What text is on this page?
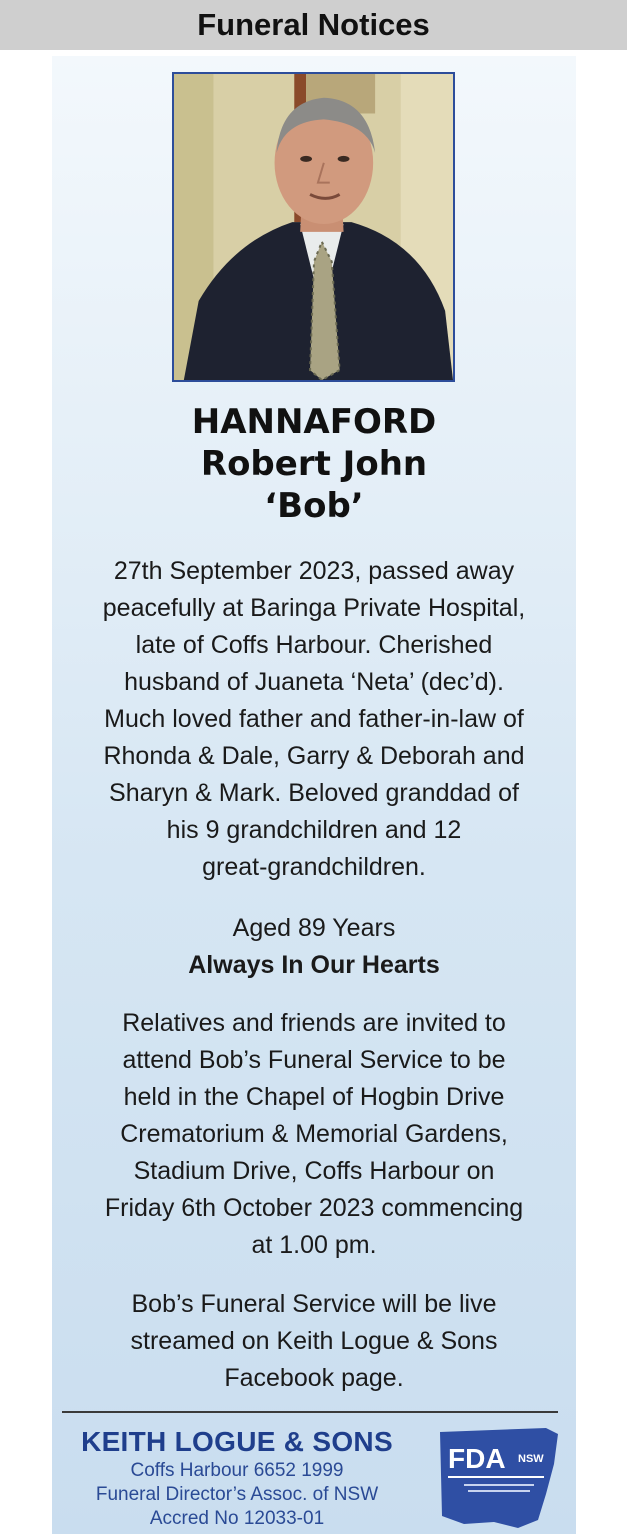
Funeral Notices
HANNAFORD
Robert John
‘Bob’
27th September 2023, passed away
peacefully at Baringa Private Hospital,
late of Coffs Harbour. Cherished
husband of Juaneta ‘Neta’ (dec’d).
Much loved father and father-in-law of
Rhonda & Dale, Garry & Deborah and
Sharyn & Mark. Beloved granddad of
his 9 grandchildren and 12
great-grandchildren.
Aged 89 Years
Always In Our Hearts
Relatives and friends are invited to
attend Bob’s Funeral Service to be
held in the Chapel of Hogbin Drive
Crematorium & Memorial Gardens,
Stadium Drive, Coffs Harbour on
Friday 6th October 2023 commencing
at 1.00 pm.
Bob’s Funeral Service will be live
streamed on Keith Logue & Sons
Facebook page.
KEITH LOGUE & SONS
Coffs Harbour 6652 1999
Funeral Director’s Assoc. of NSW
Accred No 12033-01
FDA NSW
